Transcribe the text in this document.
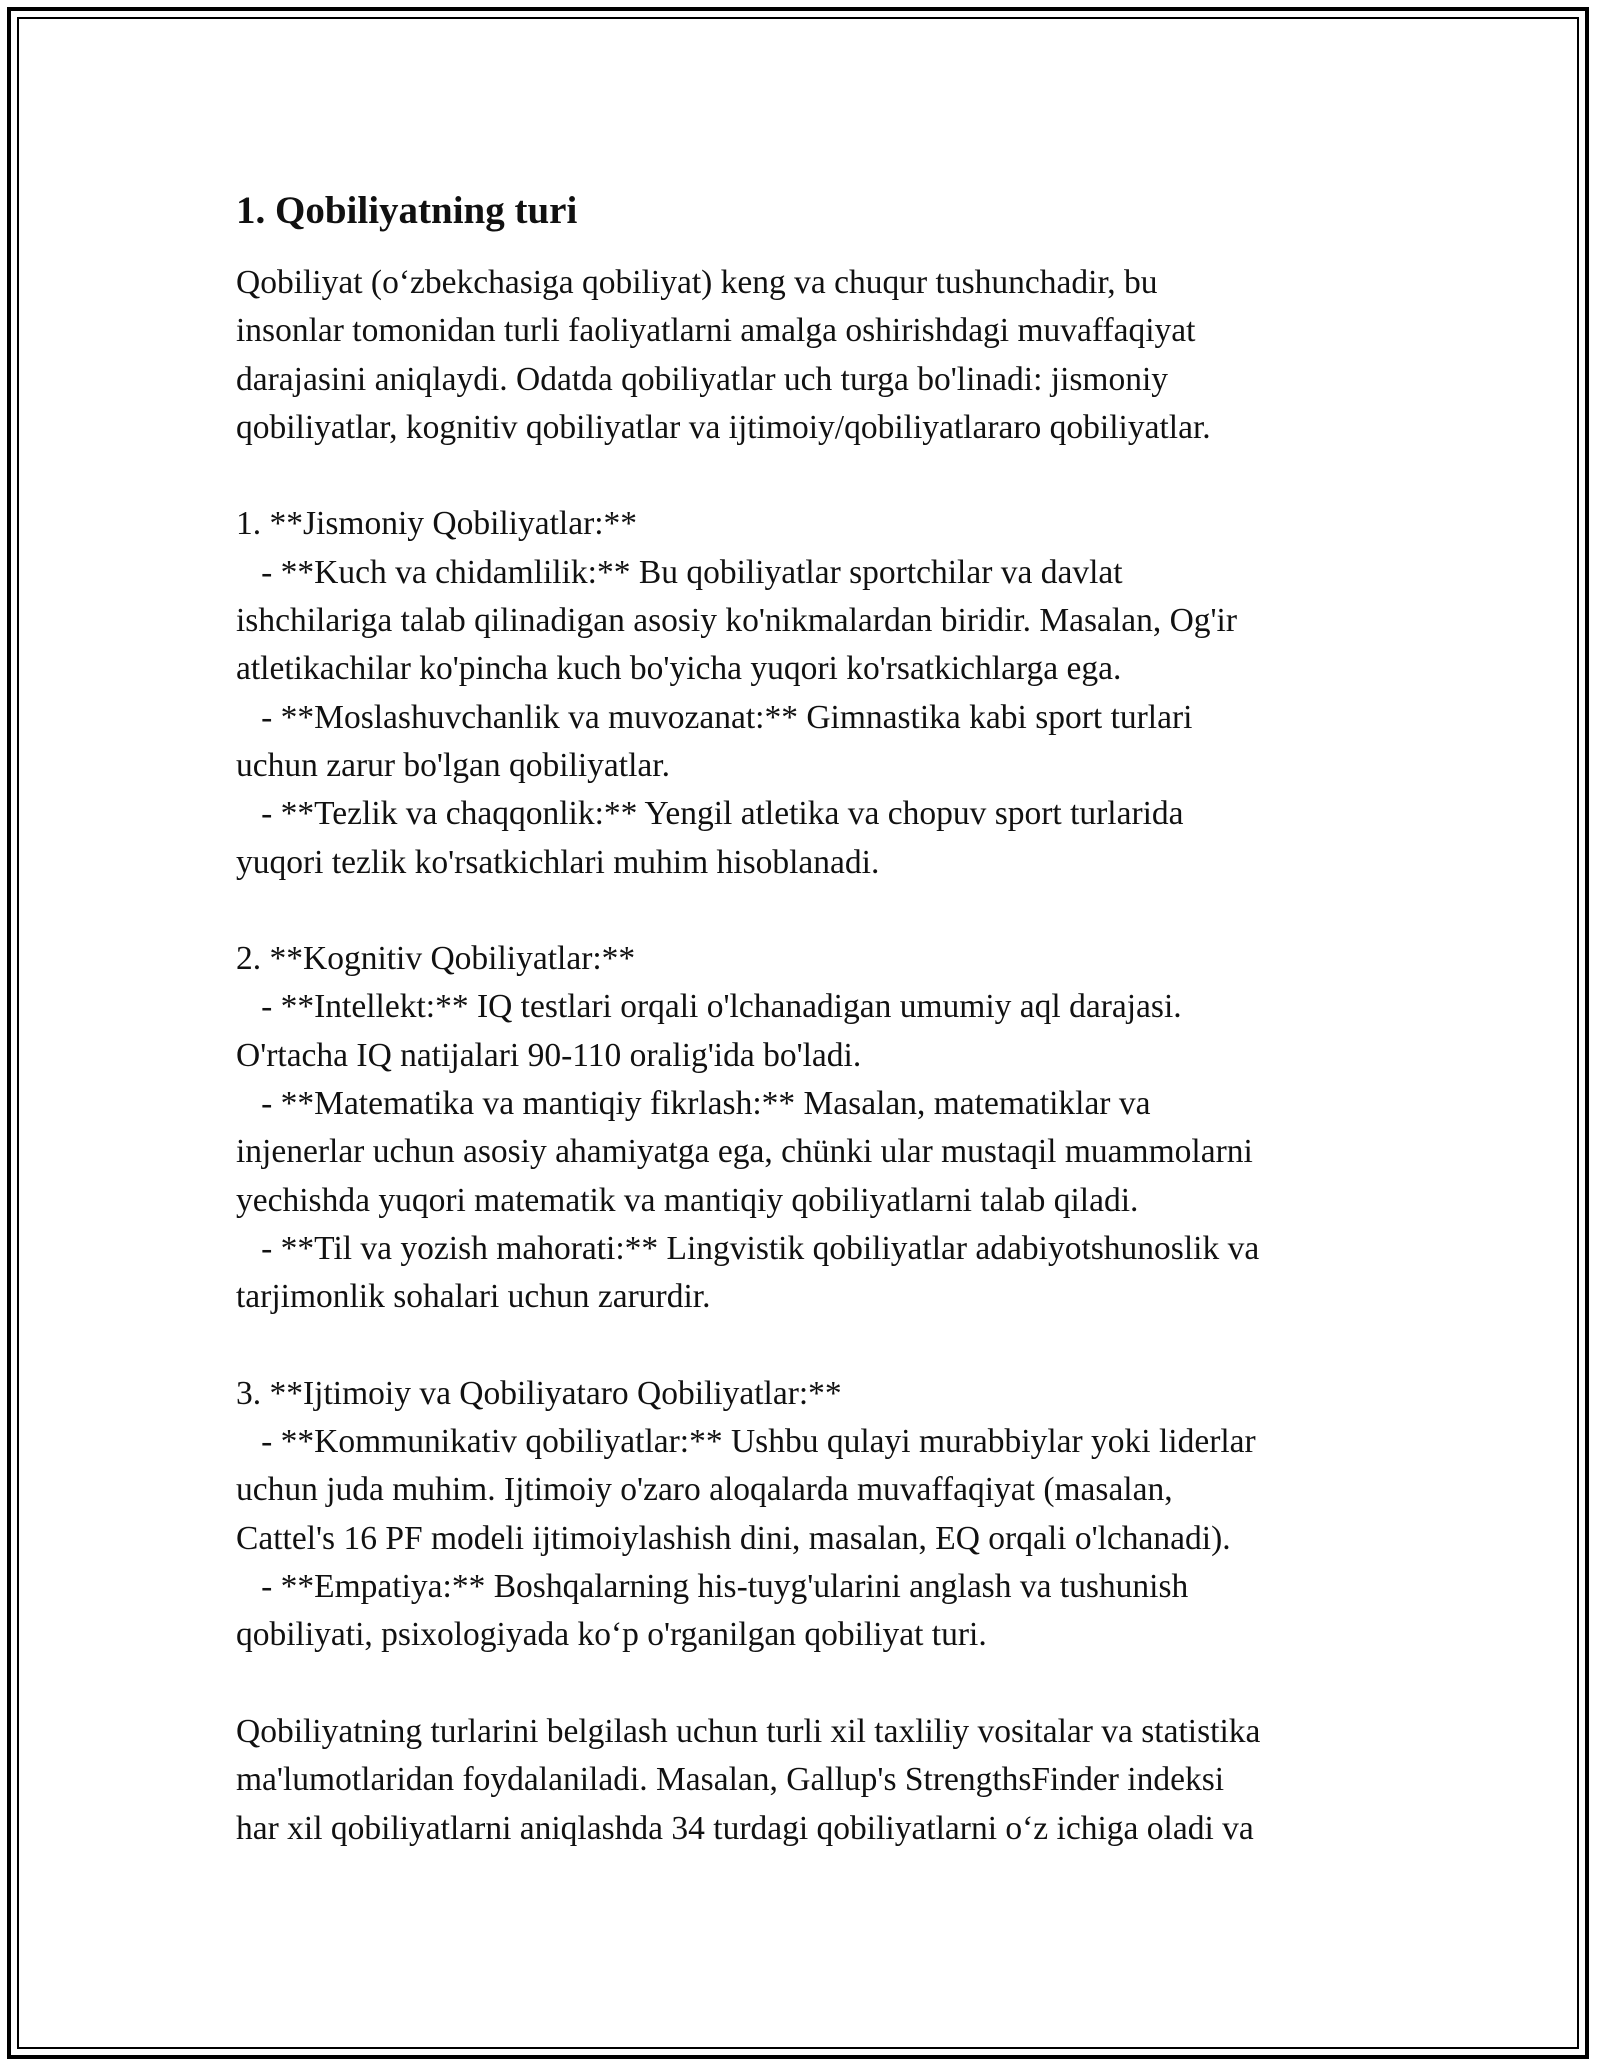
1. Qobiliyatning turi
Qobiliyat (o‘zbekchasiga qobiliyat) keng va chuqur tushunchadir, bu
insonlar tomonidan turli faoliyatlarni amalga oshirishdagi muvaffaqiyat
darajasini aniqlaydi. Odatda qobiliyatlar uch turga bo'linadi: jismoniy
qobiliyatlar, kognitiv qobiliyatlar va ijtimoiy/qobiliyatlararo qobiliyatlar.
1. **Jismoniy Qobiliyatlar:**
- **Kuch va chidamlilik:** Bu qobiliyatlar sportchilar va davlat
ishchilariga talab qilinadigan asosiy ko'nikmalardan biridir. Masalan, Og'ir
atletikachilar ko'pincha kuch bo'yicha yuqori ko'rsatkichlarga ega.
- **Moslashuvchanlik va muvozanat:** Gimnastika kabi sport turlari
uchun zarur bo'lgan qobiliyatlar.
- **Tezlik va chaqqonlik:** Yengil atletika va chopuv sport turlarida
yuqori tezlik ko'rsatkichlari muhim hisoblanadi.
2. **Kognitiv Qobiliyatlar:**
- **Intellekt:** IQ testlari orqali o'lchanadigan umumiy aql darajasi.
O'rtacha IQ natijalari 90-110 oralig'ida bo'ladi.
- **Matematika va mantiqiy fikrlash:** Masalan, matematiklar va
injenerlar uchun asosiy ahamiyatga ega, chünki ular mustaqil muammolarni
yechishda yuqori matematik va mantiqiy qobiliyatlarni talab qiladi.
- **Til va yozish mahorati:** Lingvistik qobiliyatlar adabiyotshunoslik va
tarjimonlik sohalari uchun zarurdir.
3. **Ijtimoiy va Qobiliyataro Qobiliyatlar:**
- **Kommunikativ qobiliyatlar:** Ushbu qulayi murabbiylar yoki liderlar
uchun juda muhim. Ijtimoiy o'zaro aloqalarda muvaffaqiyat (masalan,
Cattel's 16 PF modeli ijtimoiylashish dini, masalan, EQ orqali o'lchanadi).
- **Empatiya:** Boshqalarning his-tuyg'ularini anglash va tushunish
qobiliyati, psixologiyada ko‘p o'rganilgan qobiliyat turi.
Qobiliyatning turlarini belgilash uchun turli xil taxliliy vositalar va statistika
ma'lumotlaridan foydalaniladi. Masalan, Gallup's StrengthsFinder indeksi
har xil qobiliyatlarni aniqlashda 34 turdagi qobiliyatlarni o‘z ichiga oladi va
